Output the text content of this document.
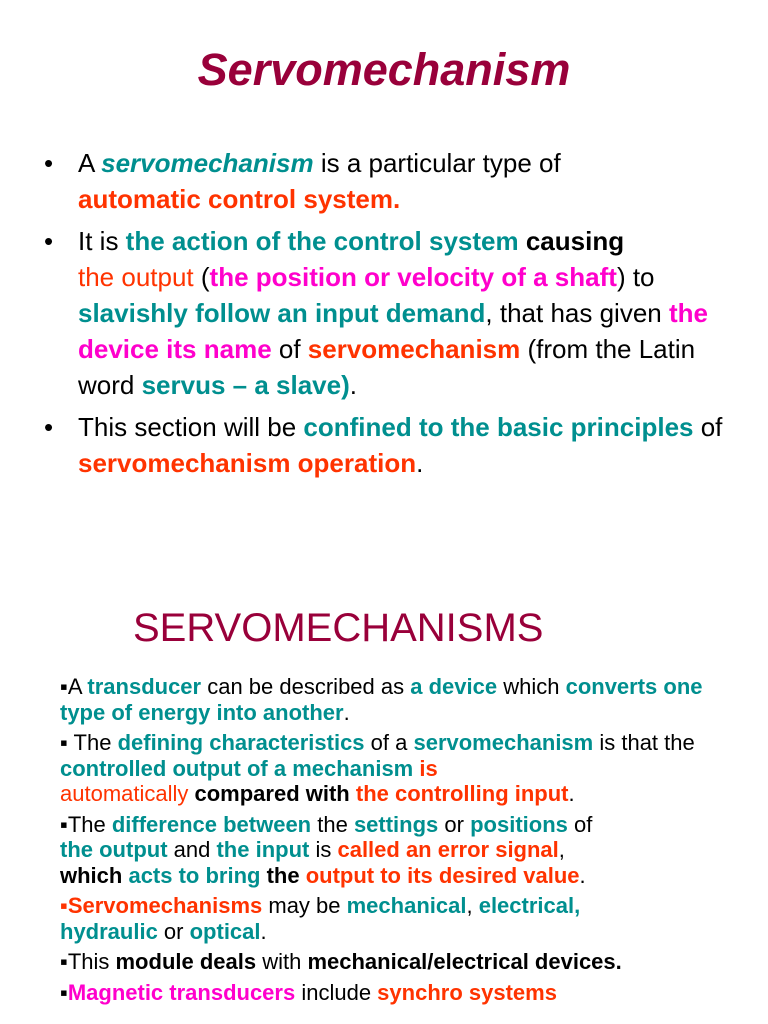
Servomechanism
• A servomechanism is a particular type of
automatic control system.
• It is the action of the control system causing
the output (the position or velocity of a shaft) to slavishly follow an input demand, that has given the device its name of servomechanism (from the Latin word servus – a slave).
• This section will be confined to the basic principles of servomechanism operation.
SERVOMECHANISMS
▪A transducer can be described as a device which converts one type of energy into another.
▪ The defining characteristics of a servomechanism is that the controlled output of a mechanism is
automatically compared with the controlling input.
▪The difference between the settings or positions of
the output and the input is called an error signal,
which acts to bring the output to its desired value.
▪Servomechanisms may be mechanical, electrical,
hydraulic or optical.
▪This module deals with mechanical/electrical devices.
▪Magnetic transducers include synchro systems
